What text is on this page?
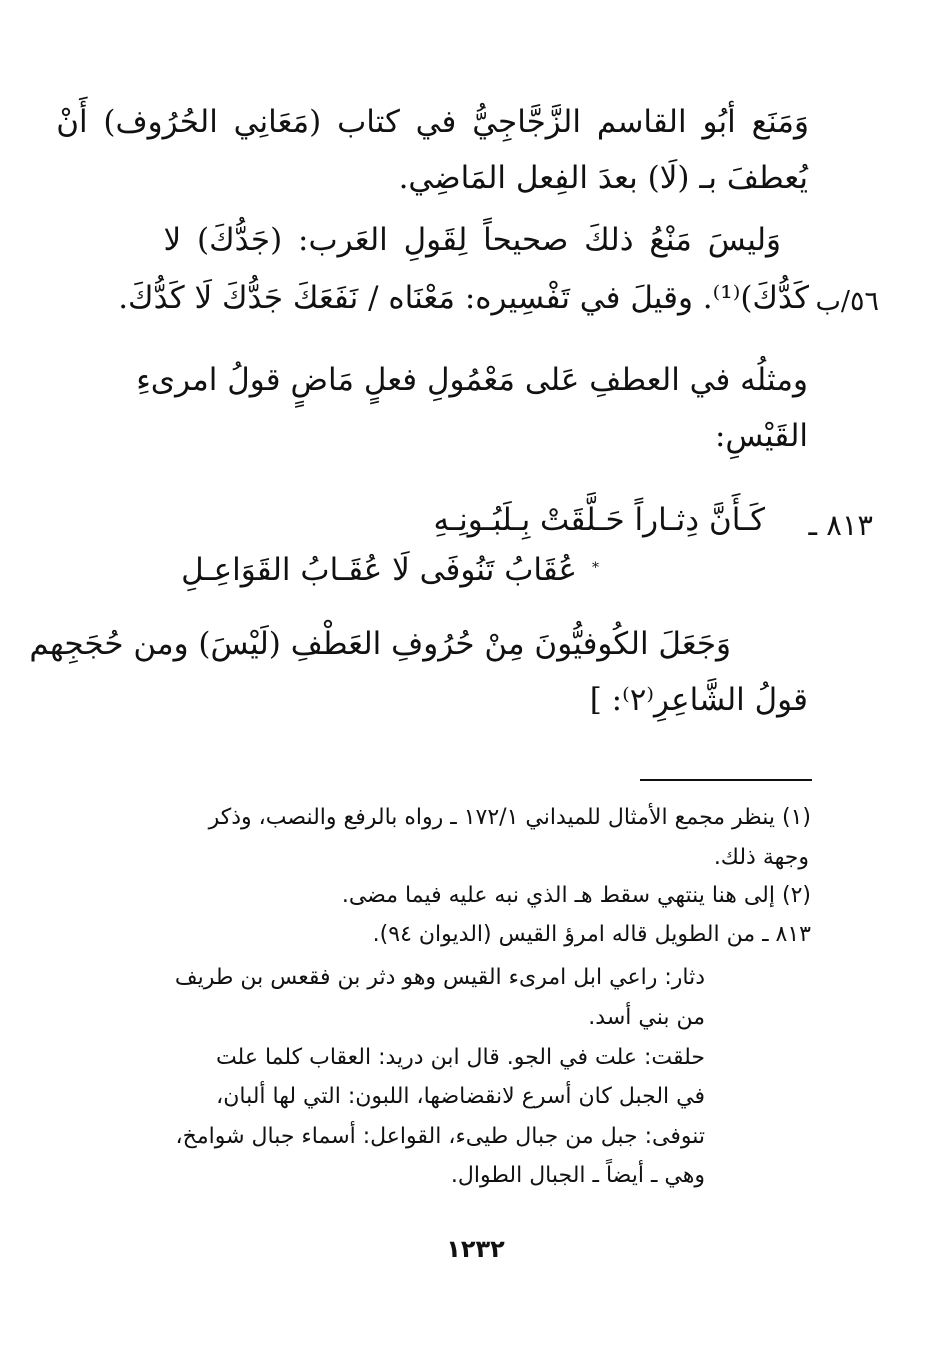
وَمَنَع أبُو القاسم الزَّجَّاجِيُّ في كتاب (مَعَانِي الحُرُوف) أَنْ
يُعطفَ بـ (لَا) بعدَ الفِعل المَاضِي.
وَليسَ مَنْعُ ذلكَ صحيحاً لِقَولِ العَرب: (جَدُّكَ) لا
كَدُّكَ)⁽¹⁾. وقيلَ في تَفْسِيره: مَعْنَاه / نَفَعَكَ جَدُّكَ لَا كَدُّكَ. ٥٦/ب
ومثلُه في العطفِ عَلى مَعْمُولِ فعلٍ مَاضٍ قولُ امرىءِ
القَيْسِ:
٨١٣ ـ
كَـأَنَّ دِثـاراً حَـلَّقَتْ بِـلَبُـونِـهِ
*
عُقَابُ تَنُوفَى لَا عُقَـابُ القَوَاعِـلِ
وَجَعَلَ الكُوفيُّونَ مِنْ حُرُوفِ العَطْفِ (لَيْسَ) ومن حُجَجِهم
قولُ الشَّاعِرِ⁽٢⁾: ]
(١) ينظر مجمع الأمثال للميداني ١٧٢/١ ـ رواه بالرفع والنصب، وذكر
وجهة ذلك.
(٢) إلى هنا ينتهي سقط هـ الذي نبه عليه فيما مضى.
٨١٣ ـ من الطويل قاله امرؤ القيس (الديوان ٩٤).
دثار: راعي ابل امرىء القيس وهو دثر بن فقعس بن طريف
من بني أسد.
حلقت: علت في الجو. قال ابن دريد: العقاب كلما علت
في الجبل كان أسرع لانقضاضها، اللبون: التي لها ألبان،
تنوفى: جبل من جبال طيىء، القواعل: أسماء جبال شوامخ،
وهي ـ أيضاً ـ الجبال الطوال.
١٢٣٢
